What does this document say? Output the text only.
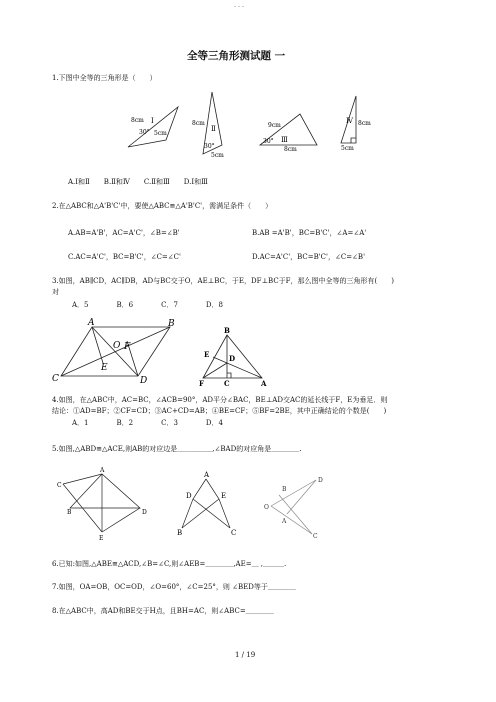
- - -
全等三角形测试题 一
1.下图中全等的三角形是（　　）
8cm Ⅰ
30° 5cm
8cm
Ⅱ
30°
5cm
9cm
Ⅲ
30°
8cm
Ⅳ 8cm
5cm
A.Ⅰ和Ⅱ　　B.Ⅱ和Ⅳ　　C.Ⅱ和Ⅲ　　D.Ⅰ和Ⅲ
2.在△ABC和△A'B'C'中，要使△ABC≌△A'B'C'，需满足条件（　　）
A.AB=A'B'，AC=A'C'，∠B=∠B'	B.AB =A'B'，BC=B'C'，∠A=∠A'
C.AC=A'C'，BC=B'C'，∠C=∠C'	D.AC=A'C'，BC=B'C'，∠C=∠B'
3.如图，AB∥CD，AC∥DB，AD与BC交于O，AE⊥BC，于E，DF⊥BC于F，那么图中全等的三角形有(　　)
对
A．5　　　　B．6　　　　C．7　　　　D．8
A	B
C	D
O
E
F
B
E	D
F	C	A
4.如图，在△ABC中，AC=BC，∠ACB=90°，AD平分∠BAC，BE⊥AD交AC的延长线于F，E为垂足．则
结论：①AD=BF；②CF=CD；③AC+CD=AB；④BE=CF；⑤BF=2BE，其中正确结论的个数是(　　)
A．1　　　　B．2　　　　C．3　　　　D．4
5.如图,△ABD≌△ACE,则AB的对应边是＿＿＿＿＿,∠BAD的对应角是＿＿＿＿.
C
A
B	D
E
A
D	E
B	C
D
B
O
A
C
6.已知:如图,△ABE≌△ACD,∠B=∠C,则∠AEB=＿＿＿＿,AE=＿ ,＿＿＿.
7.如图，OA=OB，OC=OD，∠O=60°，∠C=25°，则 ∠BED等于＿＿＿＿
8.在△ABC中，高AD和BE交于H点，且BH=AC，则∠ABC=＿＿＿＿
1 / 19
